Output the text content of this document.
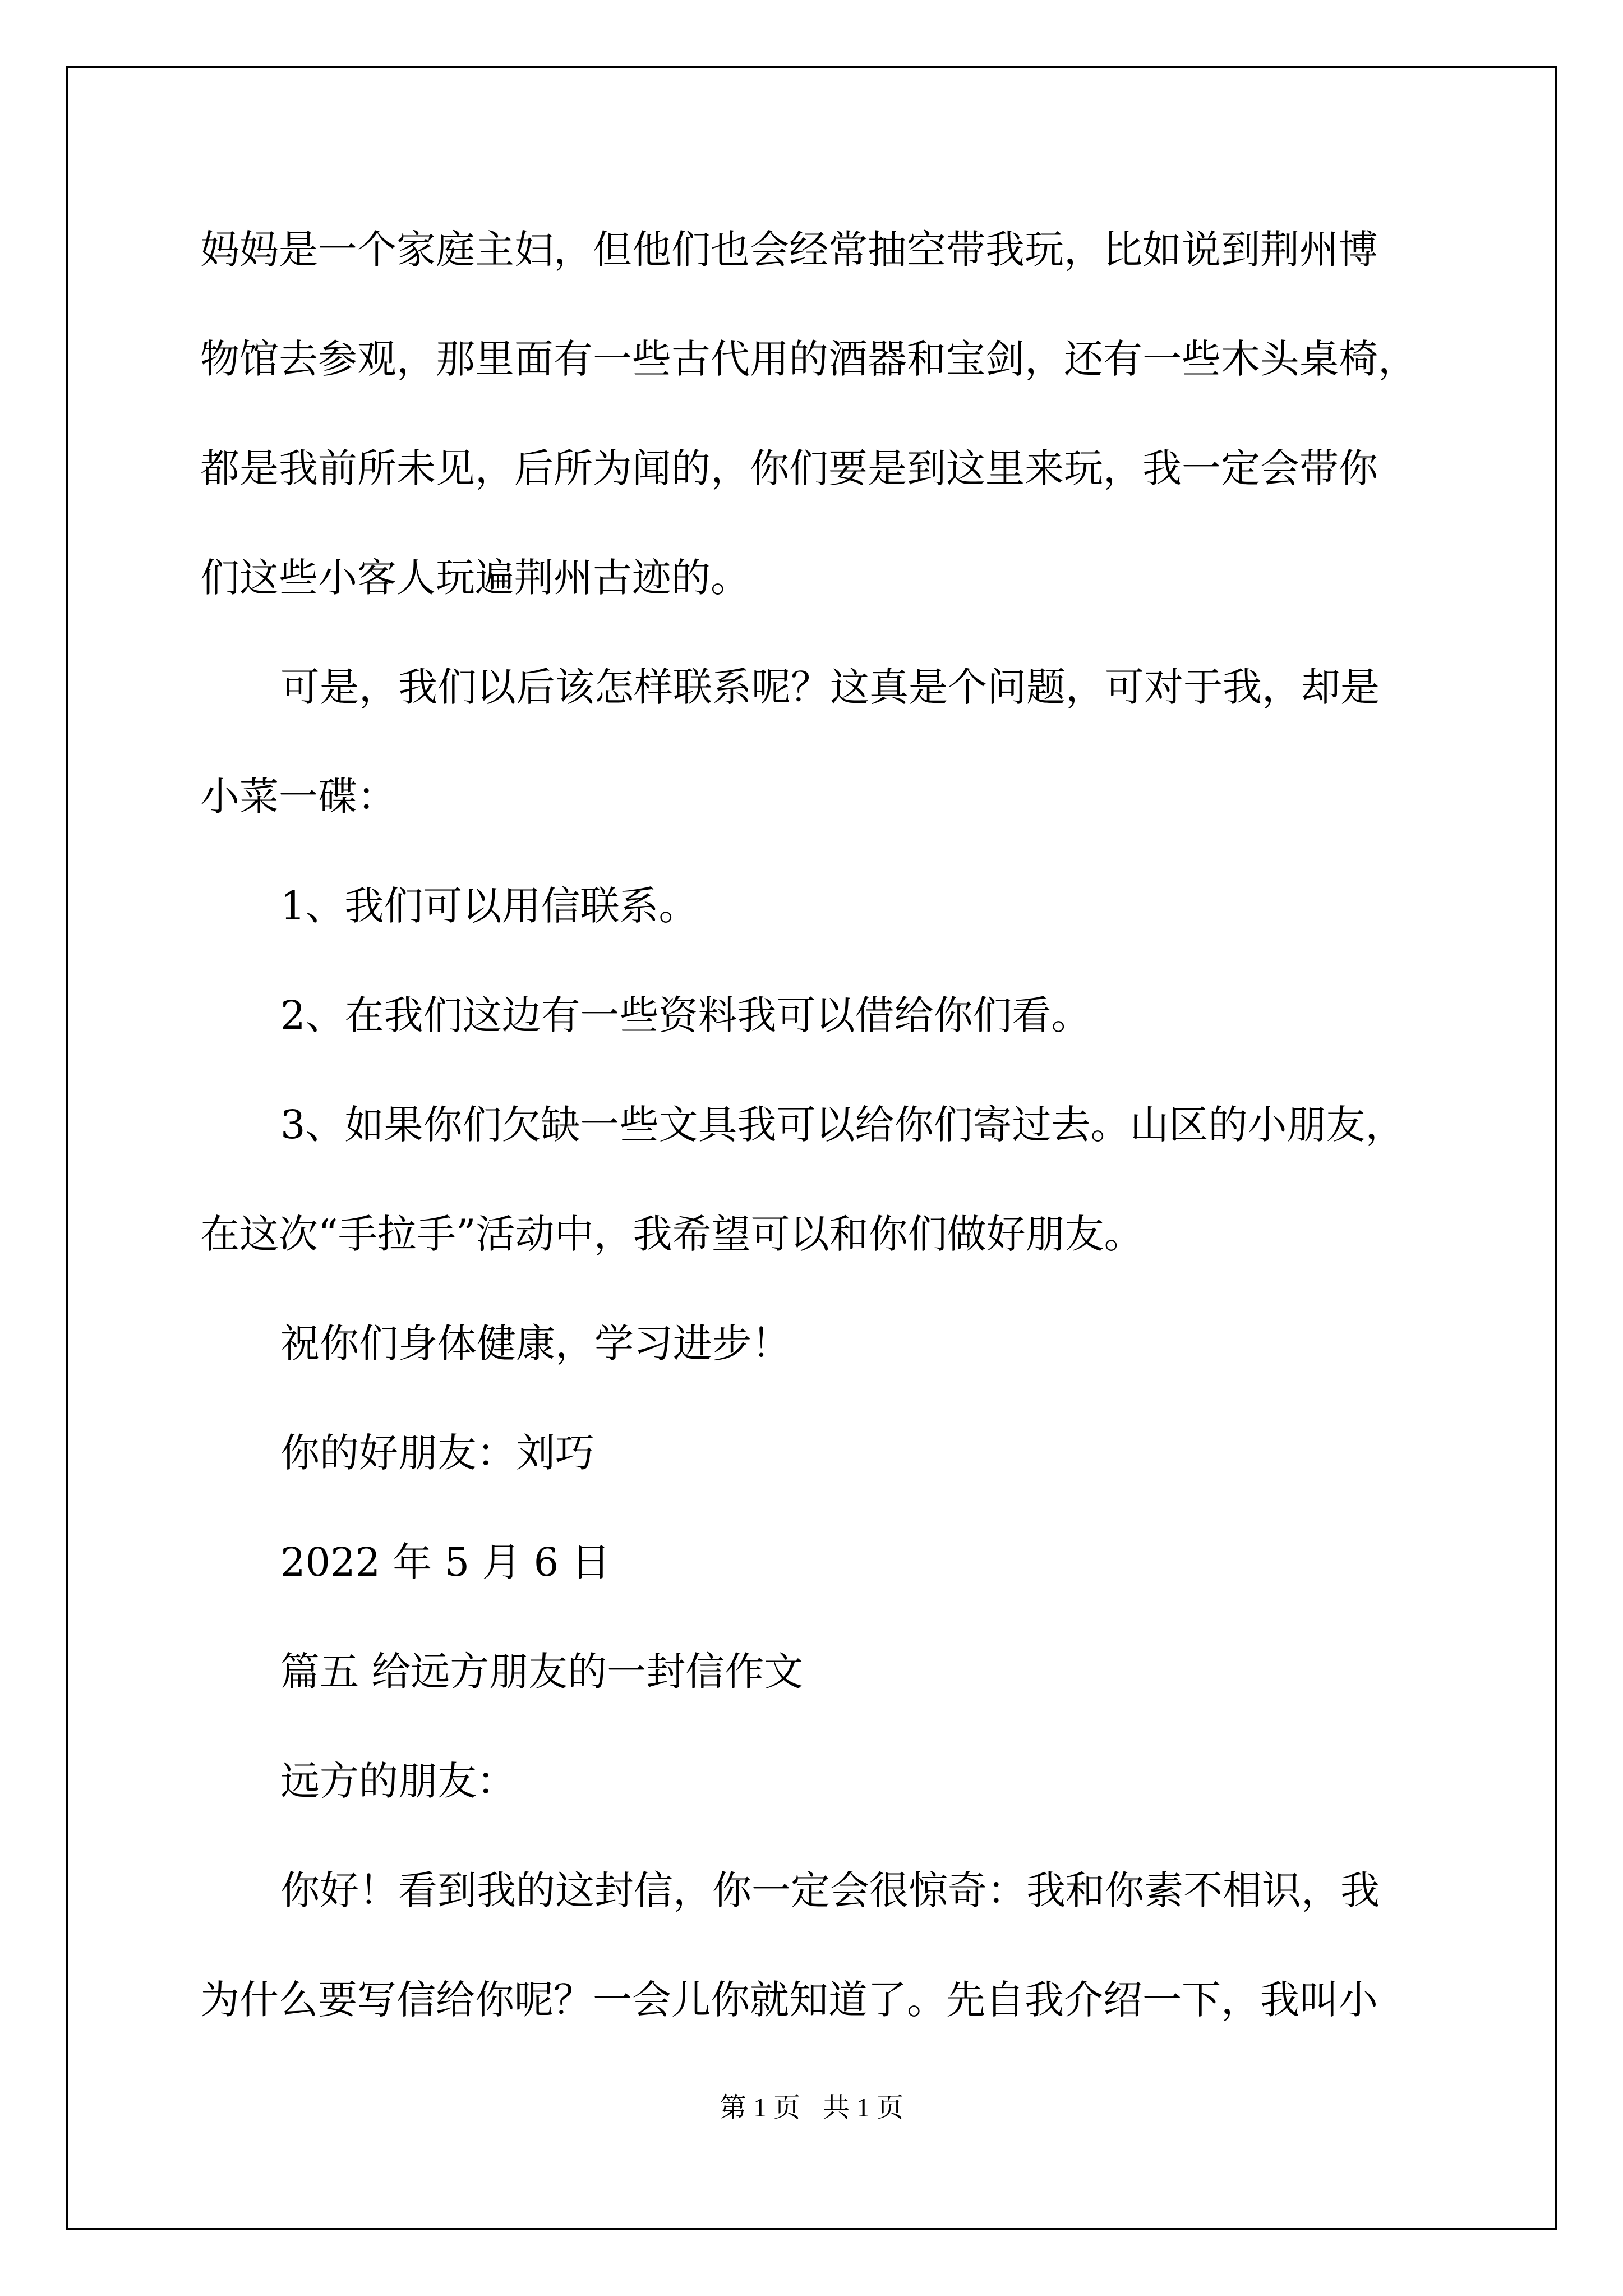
妈妈是一个家庭主妇，但他们也会经常抽空带我玩，比如说到荆州博
物馆去参观，那里面有一些古代用的酒器和宝剑，还有一些木头桌椅，
都是我前所未见，后所为闻的，你们要是到这里来玩，我一定会带你
们这些小客人玩遍荆州古迹的。
可是，我们以后该怎样联系呢？这真是个问题，可对于我，却是
小菜一碟：
1、我们可以用信联系。
2、在我们这边有一些资料我可以借给你们看。
3、如果你们欠缺一些文具我可以给你们寄过去。山区的小朋友，
在这次“手拉手”活动中，我希望可以和你们做好朋友。
祝你们身体健康，学习进步！
你的好朋友：刘巧
2022 年 5 月 6 日
篇五 给远方朋友的一封信作文
远方的朋友：
你好！看到我的这封信，你一定会很惊奇：我和你素不相识，我
为什么要写信给你呢？一会儿你就知道了。先自我介绍一下，我叫小
第 1 页 共 1 页
